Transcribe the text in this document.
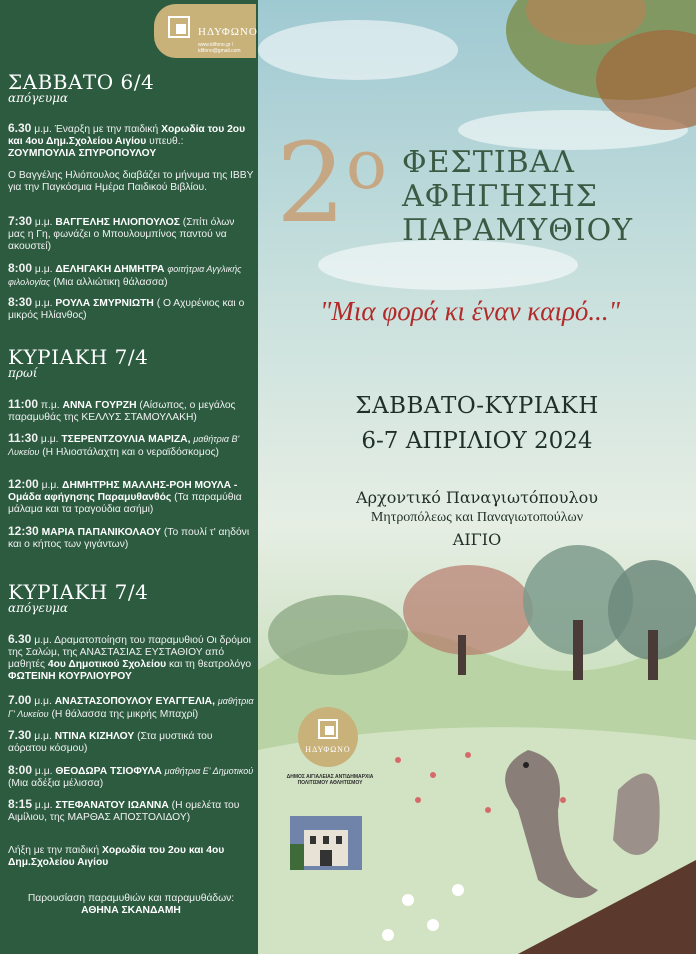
ΗΔΥΦΩΝΟ
www.idifono.gr / idifono@gmail.com
ΣΑΒΒΑΤΟ 6/4
απόγευμα
6.30 μ.μ. Έναρξη με την παιδική Χορωδία του 2ου και 4ου Δημ.Σχολείου Αιγίου υπευθ.: ΖΟΥΜΠΟΥΛΙΑ ΣΠΥΡΟΠΟΥΛΟΥ
Ο Βαγγέλης Ηλιόπουλος διαβάζει το μήνυμα της IBBY για την Παγκόσμια Ημέρα Παιδικού Βιβλίου.
7:30 μ.μ. ΒΑΓΓΕΛΗΣ ΗΛΙΟΠΟΥΛΟΣ (Σπίτι όλων μας η Γη, φωνάζει ο Μπουλουμπίνος παντού να ακουστεί)
8:00 μ.μ. ΔΕΛΗΓΑΚΗ ΔΗΜΗΤΡΑ φοιτήτρια Αγγλικής φιλολογίας (Μια αλλιώτικη θάλασσα)
8:30 μ.μ. ΡΟΥΛΑ ΣΜΥΡΝΙΩΤΗ ( Ο Αχυρένιος και ο μικρός Ηλίανθος)
ΚΥΡΙΑΚΗ 7/4
πρωί
11:00 π.μ. ΑΝΝΑ ΓΟΥΡΖΗ (Αίσωπος, ο μεγάλος παραμυθάς της ΚΕΛΛΥΣ ΣΤΑΜΟΥΛΑΚΗ)
11:30 μ.μ. ΤΣΕΡΕΝΤΖΟΥΛΙΑ ΜΑΡΙΖΑ, μαθήτρια Β' Λυκείου (Η Ηλιοστάλαχτη και ο νεραϊδόσκομος)
12:00 μ.μ. ΔΗΜΗΤΡΗΣ ΜΑΛΛΗΣ-ΡΟΗ ΜΟΥΛΑ - Ομάδα αφήγησης Παραμυθανθός (Τα παραμύθια μάλαμα και τα τραγούδια ασήμι)
12:30 ΜΑΡΙΑ ΠΑΠΑΝΙΚΟΛΑΟΥ (Το πουλί τ' αηδόνι και ο κήπος των γιγάντων)
ΚΥΡΙΑΚΗ 7/4
απόγευμα
6.30 μ.μ. Δραματοποίηση του παραμυθιού Οι δρόμοι της Σαλώμ, της ΑΝΑΣΤΑΣΙΑΣ ΕΥΣΤΑΘΙΟΥ από μαθητές 4ου Δημοτικού Σχολείου και τη θεατρολόγο ΦΩΤΕΙΝΗ ΚΟΥΡΛΙΟΥΡΟΥ
7.00 μ.μ. ΑΝΑΣΤΑΣΟΠΟΥΛΟΥ ΕΥΑΓΓΕΛΙΑ, μαθήτρια Γ' Λυκείου (Η θάλασσα της μικρής Μπαχρί)
7.30 μ.μ. ΝΤΙΝΑ ΚΙΖΗΛΟΥ (Στα μυστικά του αόρατου κόσμου)
8:00 μ.μ. ΘΕΟΔΩΡΑ ΤΣΙΟΦΥΛΑ μαθήτρια Ε' Δημοτικού (Μια αδέξια μέλισσα)
8:15 μ.μ. ΣΤΕΦΑΝΑΤΟΥ ΙΩΑΝΝΑ (Η ομελέτα του Αιμίλιου, της ΜΑΡΘΑΣ ΑΠΟΣΤΟΛΙΔΟΥ)
Λήξη με την παιδική Χορωδία του 2ου και 4ου Δημ.Σχολείου Αιγίου
Παρουσίαση παραμυθιών και παραμυθάδων:
ΑΘΗΝΑ ΣΚΑΝΔΑΜΗ
$2^o$ ΦΕΣΤΙΒΑΛ
ΑΦΗΓΗΣΗΣ
ΠΑΡΑΜΥΘΙΟΥ
"Μια φορά κι έναν καιρό..."
ΣΑΒΒΑΤΟ-ΚΥΡΙΑΚΗ
6-7 ΑΠΡΙΛΙΟΥ 2024
Αρχοντικό Παναγιωτόπουλου
Μητροπόλεως και Παναγιωτοπούλων
ΑΙΓΙΟ
ΗΔΥΦΩΝΟ
ΔΗΜΟΣ ΑΙΓΙΑΛΕΙΑΣ ΑΝΤΙΔΗΜΑΡΧΙΑ ΠΟΛΙΤΙΣΜΟΥ ΑΘΛΗΤΙΣΜΟΥ
